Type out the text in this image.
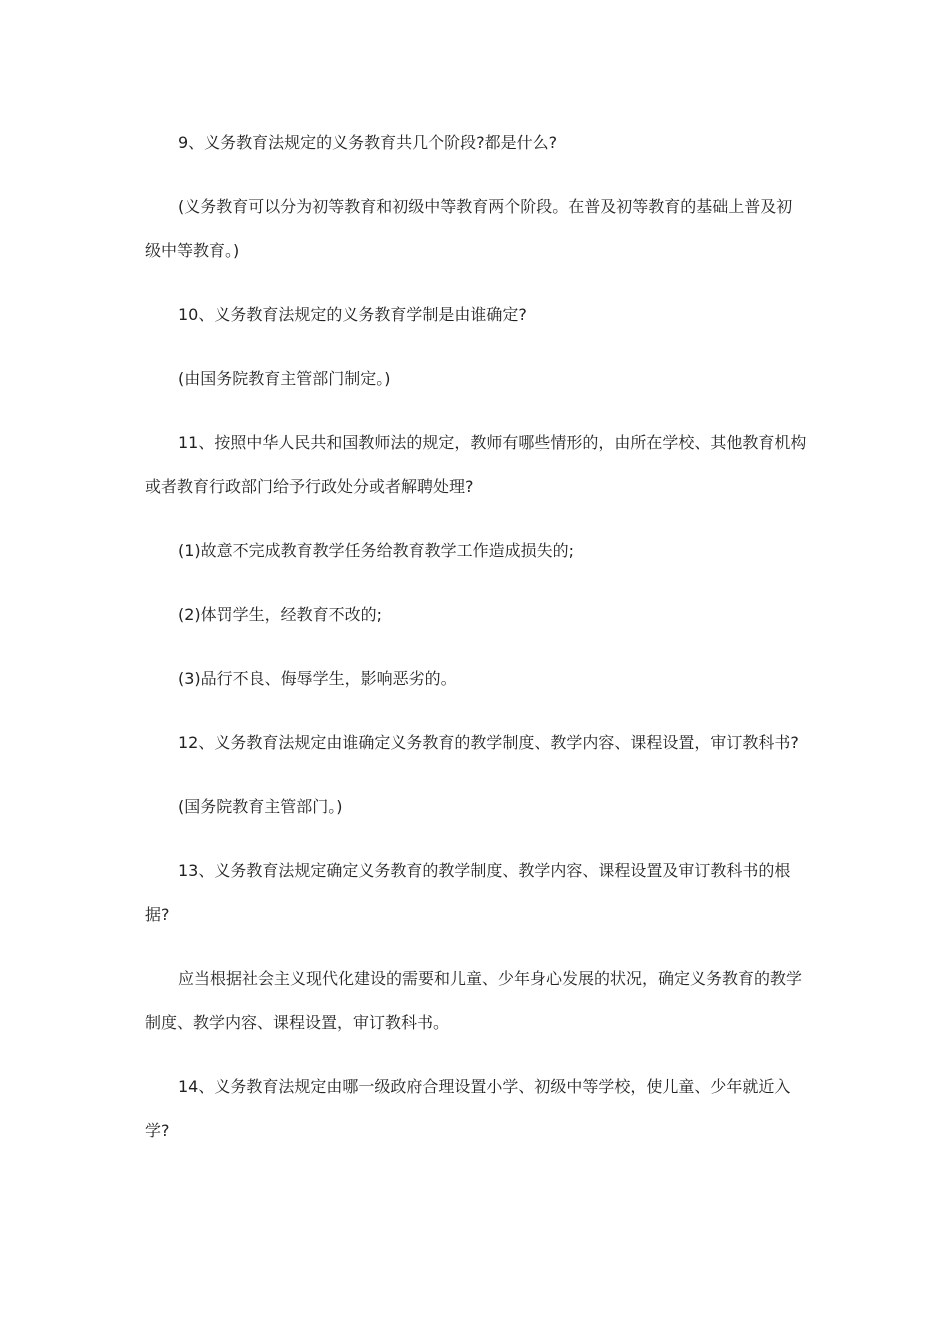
9、义务教育法规定的义务教育共几个阶段?都是什么?

(义务教育可以分为初等教育和初级中等教育两个阶段。在普及初等教育的基础上普及初级中等教育。)

10、义务教育法规定的义务教育学制是由谁确定?

(由国务院教育主管部门制定。)

11、按照中华人民共和国教师法的规定，教师有哪些情形的，由所在学校、其他教育机构或者教育行政部门给予行政处分或者解聘处理?

(1)故意不完成教育教学任务给教育教学工作造成损失的;

(2)体罚学生，经教育不改的;

(3)品行不良、侮辱学生，影响恶劣的。

12、义务教育法规定由谁确定义务教育的教学制度、教学内容、课程设置，审订教科书?

(国务院教育主管部门。)

13、义务教育法规定确定义务教育的教学制度、教学内容、课程设置及审订教科书的根据?

应当根据社会主义现代化建设的需要和儿童、少年身心发展的状况，确定义务教育的教学制度、教学内容、课程设置，审订教科书。

14、义务教育法规定由哪一级政府合理设置小学、初级中等学校，使儿童、少年就近入学?
